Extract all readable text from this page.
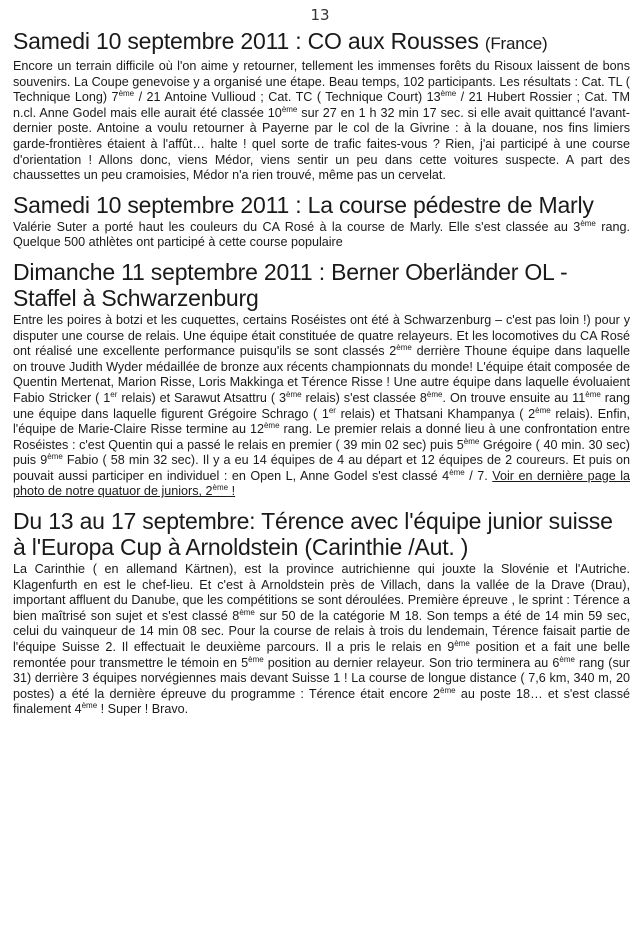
13
Samedi 10 septembre 2011 : CO aux Rousses (France)

Encore un terrain difficile où l'on aime y retourner, tellement les immenses forêts du Risoux laissent de bons souvenirs. La Coupe genevoise y a organisé une étape. Beau temps, 102 participants. Les résultats : Cat. TL ( Technique Long) 7ème / 21 Antoine Vullioud ; Cat. TC ( Technique Court) 13ème / 21 Hubert Rossier ; Cat. TM n.cl. Anne Godel mais elle aurait été classée 10ème sur 27 en 1 h 32 min 17 sec. si elle avait quittancé l'avant-dernier poste. Antoine a voulu retourner à Payerne par le col de la Givrine : à la douane, nos fins limiers garde-frontières étaient à l'affût… halte ! quel sorte de trafic faites-vous ? Rien, j'ai participé à une course d'orientation ! Allons donc, viens Médor, viens sentir un peu dans cette voitures suspecte. A part des chaussettes un peu cramoisies, Médor n'a rien trouvé, même pas un cervelat.

Samedi 10 septembre 2011 : La course pédestre de Marly

Valérie Suter a porté haut les couleurs du CA Rosé à la course de Marly. Elle s'est classée au 3ème rang. Quelque 500 athlètes ont participé à cette course populaire

Dimanche 11 septembre 2011 : Berner Oberländer OL -Staffel à Schwarzenburg

Entre les poires à botzi et les cuquettes, certains Roséistes ont été à Schwarzenburg – c'est pas loin !) pour y disputer une course de relais. Une équipe était constituée de quatre relayeurs. Et les locomotives du CA Rosé ont réalisé une excellente performance puisqu'ils se sont classés 2ème derrière Thoune équipe dans laquelle on trouve Judith Wyder médaillée de bronze aux récents championnats du monde! L'équipe était composée de Quentin Mertenat, Marion Risse, Loris Makkinga et Térence Risse ! Une autre équipe dans laquelle évoluaient Fabio Stricker ( 1er relais) et Sarawut Atsattru ( 3ème relais) s'est classée 8ème. On trouve ensuite au 11ème rang une équipe dans laquelle figurent Grégoire Schrago ( 1er relais) et Thatsani Khampanya ( 2ème relais). Enfin, l'équipe de Marie-Claire Risse termine au 12ème rang. Le premier relais a donné lieu à une confrontation entre Roséistes : c'est Quentin qui a passé le relais en premier ( 39 min 02 sec) puis 5ème Grégoire ( 40 min. 30 sec) puis 9ème Fabio ( 58 min 32 sec). Il y a eu 14 équipes de 4 au départ et 12 équipes de 2 coureurs. Et puis on pouvait aussi participer en individuel : en Open L, Anne Godel s'est classé 4ème / 7. Voir en dernière page la photo de notre quatuor de juniors, 2ème !

Du 13 au 17 septembre: Térence avec l'équipe junior suisse à l'Europa Cup à Arnoldstein (Carinthie /Aut. )

La Carinthie ( en allemand Kärtnen), est la province autrichienne qui jouxte la Slovénie et l'Autriche. Klagenfurth en est le chef-lieu. Et c'est à Arnoldstein près de Villach, dans la vallée de la Drave (Drau), important affluent du Danube, que les compétitions se sont déroulées. Première épreuve , le sprint : Térence a bien maîtrisé son sujet et s'est classé 8ème sur 50 de la catégorie M 18. Son temps a été de 14 min 59 sec, celui du vainqueur de 14 min 08 sec. Pour la course de relais à trois du lendemain, Térence faisait partie de l'équipe Suisse 2. Il effectuait le deuxième parcours. Il a pris le relais en 9ème position et a fait une belle remontée pour transmettre le témoin en 5ème position au dernier relayeur. Son trio terminera au 6ème rang (sur 31) derrière 3 équipes norvégiennes mais devant Suisse 1 ! La course de longue distance ( 7,6 km, 340 m, 20 postes) a été la dernière épreuve du programme : Térence était encore 2ème au poste 18… et s'est classé finalement 4ème ! Super ! Bravo.
